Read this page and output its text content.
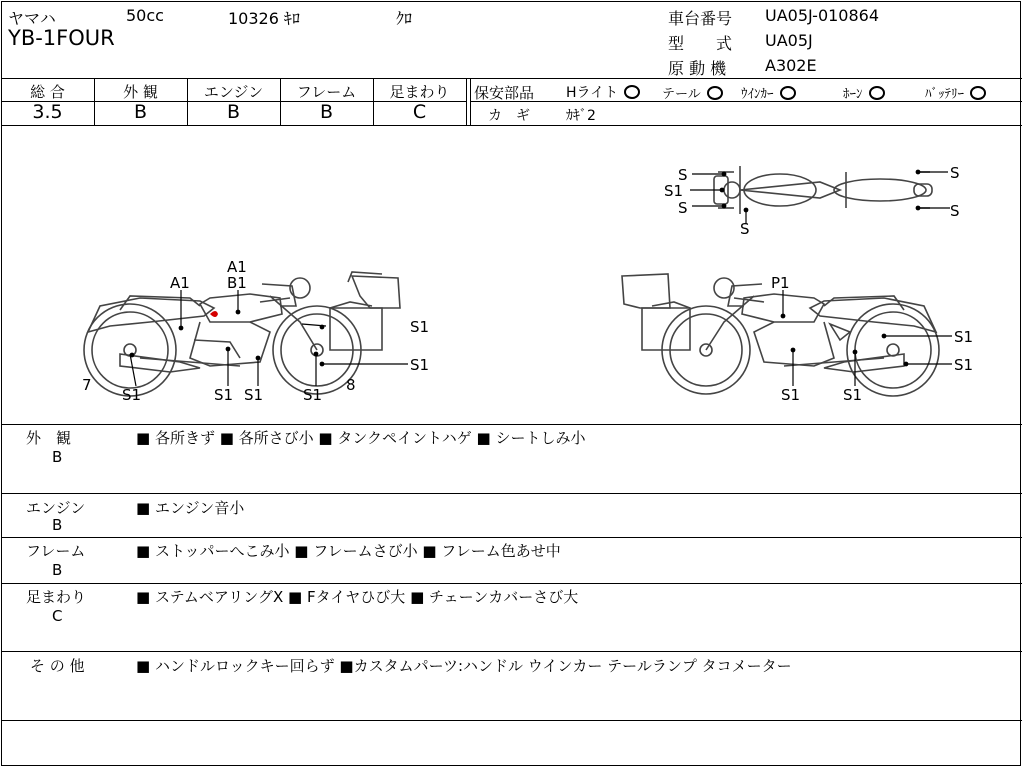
ヤマハ	50cc	10326 ｷﾛ	ｸﾛ
YB-1FOUR
車台番号 UA05J-010864
型　　式 UA05J
原 動 機 A302E
総 合
3.5
外 観
B
エンジン
B
フレーム
B
足まわり
C
保安部品 Hライト	テール	ｳｲﾝｶｰ	ﾎｰﾝ	ﾊﾞｯﾃﾘｰ
カ　ギ	ｶｷﾞ2
A1
A1
B1
S1
S1
S1	S1 S1	S1
7	8
P1
S1
S1
S1	S1
S
S1
S
S
S
S
外　観
B
■ 各所きず ■ 各所さび小 ■ タンクペイントハゲ ■ シートしみ小
エンジン
B
■ エンジン音小
フレーム
B
■ ストッパーへこみ小 ■ フレームさび小 ■ フレーム色あせ中
足まわり
C
■ ステムベアリングX ■ Fタイヤひび大 ■ チェーンカバーさび大
そ の 他	■ ハンドルロックキー回らず ■カスタムパーツ:ハンドル ウインカー テールランプ タコメーター
